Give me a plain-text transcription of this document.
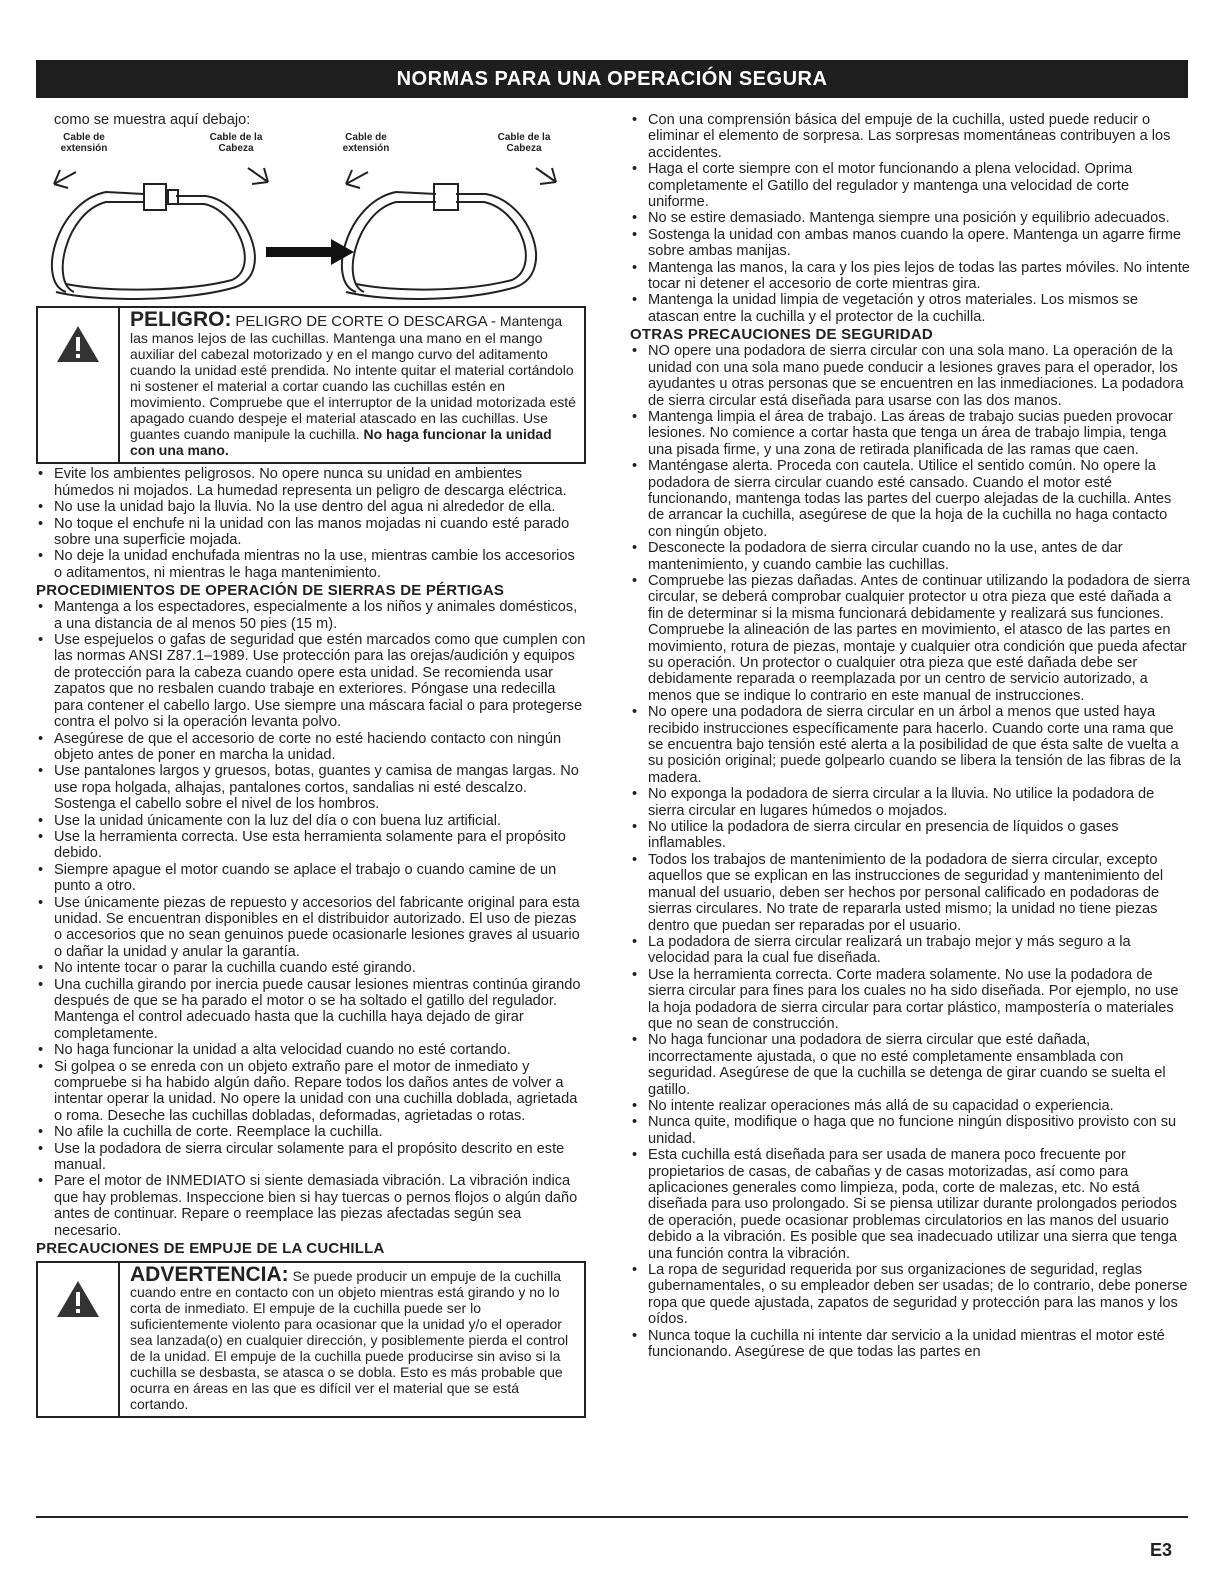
NORMAS PARA UNA OPERACIÓN SEGURA
como se muestra aquí debajo:
Cable de extensión
Cable de la Cabeza
Cable de extensión
Cable de la Cabeza
PELIGRO: PELIGRO DE CORTE O DESCARGA - Mantenga las manos lejos de las cuchillas. Mantenga una mano en el mango auxiliar del cabezal motorizado y en el mango curvo del aditamento cuando la unidad esté prendida. No intente quitar el material cortándolo ni sostener el material a cortar cuando las cuchillas estén en movimiento. Compruebe que el interruptor de la unidad motorizada esté apagado cuando despeje el material atascado en las cuchillas. Use guantes cuando manipule la cuchilla. No haga funcionar la unidad con una mano.
• Evite los ambientes peligrosos. No opere nunca su unidad en ambientes húmedos ni mojados. La humedad representa un peligro de descarga eléctrica.
• No use la unidad bajo la lluvia. No la use dentro del agua ni alrededor de ella.
• No toque el enchufe ni la unidad con las manos mojadas ni cuando esté parado sobre una superficie mojada.
• No deje la unidad enchufada mientras no la use, mientras cambie los accesorios o aditamentos, ni mientras le haga mantenimiento.
PROCEDIMIENTOS DE OPERACIÓN DE SIERRAS DE PÉRTIGAS
• Mantenga a los espectadores, especialmente a los niños y animales domésticos, a una distancia de al menos 50 pies (15 m).
• Use espejuelos o gafas de seguridad que estén marcados como que cumplen con las normas ANSI Z87.1–1989. Use protección para las orejas/audición y equipos de protección para la cabeza cuando opere esta unidad. Se recomienda usar zapatos que no resbalen cuando trabaje en exteriores. Póngase una redecilla para contener el cabello largo. Use siempre una máscara facial o para protegerse contra el polvo si la operación levanta polvo.
• Asegúrese de que el accesorio de corte no esté haciendo contacto con ningún objeto antes de poner en marcha la unidad.
• Use pantalones largos y gruesos, botas, guantes y camisa de mangas largas. No use ropa holgada, alhajas, pantalones cortos, sandalias ni esté descalzo. Sostenga el cabello sobre el nivel de los hombros.
• Use la unidad únicamente con la luz del día o con buena luz artificial.
• Use la herramienta correcta. Use esta herramienta solamente para el propósito debido.
• Siempre apague el motor cuando se aplace el trabajo o cuando camine de un punto a otro.
• Use únicamente piezas de repuesto y accesorios del fabricante original para esta unidad. Se encuentran disponibles en el distribuidor autorizado. El uso de piezas o accesorios que no sean genuinos puede ocasionarle lesiones graves al usuario o dañar la unidad y anular la garantía.
• No intente tocar o parar la cuchilla cuando esté girando.
• Una cuchilla girando por inercia puede causar lesiones mientras continúa girando después de que se ha parado el motor o se ha soltado el gatillo del regulador. Mantenga el control adecuado hasta que la cuchilla haya dejado de girar completamente.
• No haga funcionar la unidad a alta velocidad cuando no esté cortando.
• Si golpea o se enreda con un objeto extraño pare el motor de inmediato y compruebe si ha habido algún daño. Repare todos los daños antes de volver a intentar operar la unidad. No opere la unidad con una cuchilla doblada, agrietada o roma. Deseche las cuchillas dobladas, deformadas, agrietadas o rotas.
• No afile la cuchilla de corte. Reemplace la cuchilla.
• Use la podadora de sierra circular solamente para el propósito descrito en este manual.
• Pare el motor de INMEDIATO si siente demasiada vibración. La vibración indica que hay problemas. Inspeccione bien si hay tuercas o pernos flojos o algún daño antes de continuar. Repare o reemplace las piezas afectadas según sea necesario.
PRECAUCIONES DE EMPUJE DE LA CUCHILLA
ADVERTENCIA: Se puede producir un empuje de la cuchilla cuando entre en contacto con un objeto mientras está girando y no lo corta de inmediato. El empuje de la cuchilla puede ser lo suficientemente violento para ocasionar que la unidad y/o el operador sea lanzada(o) en cualquier dirección, y posiblemente pierda el control de la unidad. El empuje de la cuchilla puede producirse sin aviso si la cuchilla se desbasta, se atasca o se dobla. Esto es más probable que ocurra en áreas en las que es difícil ver el material que se está cortando.
• Con una comprensión básica del empuje de la cuchilla, usted puede reducir o eliminar el elemento de sorpresa. Las sorpresas momentáneas contribuyen a los accidentes.
• Haga el corte siempre con el motor funcionando a plena velocidad. Oprima completamente el Gatillo del regulador y mantenga una velocidad de corte uniforme.
• No se estire demasiado. Mantenga siempre una posición y equilibrio adecuados.
• Sostenga la unidad con ambas manos cuando la opere. Mantenga un agarre firme sobre ambas manijas.
• Mantenga las manos, la cara y los pies lejos de todas las partes móviles. No intente tocar ni detener el accesorio de corte mientras gira.
• Mantenga la unidad limpia de vegetación y otros materiales. Los mismos se atascan entre la cuchilla y el protector de la cuchilla.
OTRAS PRECAUCIONES DE SEGURIDAD
• NO opere una podadora de sierra circular con una sola mano. La operación de la unidad con una sola mano puede conducir a lesiones graves para el operador, los ayudantes u otras personas que se encuentren en las inmediaciones. La podadora de sierra circular está diseñada para usarse con las dos manos.
• Mantenga limpia el área de trabajo. Las áreas de trabajo sucias pueden provocar lesiones. No comience a cortar hasta que tenga un área de trabajo limpia, tenga una pisada firme, y una zona de retirada planificada de las ramas que caen.
• Manténgase alerta. Proceda con cautela. Utilice el sentido común. No opere la podadora de sierra circular cuando esté cansado. Cuando el motor esté funcionando, mantenga todas las partes del cuerpo alejadas de la cuchilla. Antes de arrancar la cuchilla, asegúrese de que la hoja de la cuchilla no haga contacto con ningún objeto.
• Desconecte la podadora de sierra circular cuando no la use, antes de dar mantenimiento, y cuando cambie las cuchillas.
• Compruebe las piezas dañadas. Antes de continuar utilizando la podadora de sierra circular, se deberá comprobar cualquier protector u otra pieza que esté dañada a fin de determinar si la misma funcionará debidamente y realizará sus funciones. Compruebe la alineación de las partes en movimiento, el atasco de las partes en movimiento, rotura de piezas, montaje y cualquier otra condición que pueda afectar su operación. Un protector o cualquier otra pieza que esté dañada debe ser debidamente reparada o reemplazada por un centro de servicio autorizado, a menos que se indique lo contrario en este manual de instrucciones.
• No opere una podadora de sierra circular en un árbol a menos que usted haya recibido instrucciones específicamente para hacerlo. Cuando corte una rama que se encuentra bajo tensión esté alerta a la posibilidad de que ésta salte de vuelta a su posición original; puede golpearlo cuando se libera la tensión de las fibras de la madera.
• No exponga la podadora de sierra circular a la lluvia. No utilice la podadora de sierra circular en lugares húmedos o mojados.
• No utilice la podadora de sierra circular en presencia de líquidos o gases inflamables.
• Todos los trabajos de mantenimiento de la podadora de sierra circular, excepto aquellos que se explican en las instrucciones de seguridad y mantenimiento del manual del usuario, deben ser hechos por personal calificado en podadoras de sierras circulares. No trate de repararla usted mismo; la unidad no tiene piezas dentro que puedan ser reparadas por el usuario.
• La podadora de sierra circular realizará un trabajo mejor y más seguro a la velocidad para la cual fue diseñada.
• Use la herramienta correcta. Corte madera solamente. No use la podadora de sierra circular para fines para los cuales no ha sido diseñada. Por ejemplo, no use la hoja podadora de sierra circular para cortar plástico, mampostería o materiales que no sean de construcción.
• No haga funcionar una podadora de sierra circular que esté dañada, incorrectamente ajustada, o que no esté completamente ensamblada con seguridad. Asegúrese de que la cuchilla se detenga de girar cuando se suelta el gatillo.
• No intente realizar operaciones más allá de su capacidad o experiencia.
• Nunca quite, modifique o haga que no funcione ningún dispositivo provisto con su unidad.
• Esta cuchilla está diseñada para ser usada de manera poco frecuente por propietarios de casas, de cabañas y de casas motorizadas, así como para aplicaciones generales como limpieza, poda, corte de malezas, etc. No está diseñada para uso prolongado. Si se piensa utilizar durante prolongados periodos de operación, puede ocasionar problemas circulatorios en las manos del usuario debido a la vibración. Es posible que sea inadecuado utilizar una sierra que tenga una función contra la vibración.
• La ropa de seguridad requerida por sus organizaciones de seguridad, reglas gubernamentales, o su empleador deben ser usadas; de lo contrario, debe ponerse ropa que quede ajustada, zapatos de seguridad y protección para las manos y los oídos.
• Nunca toque la cuchilla ni intente dar servicio a la unidad mientras el motor esté funcionando. Asegúrese de que todas las partes en
E3
